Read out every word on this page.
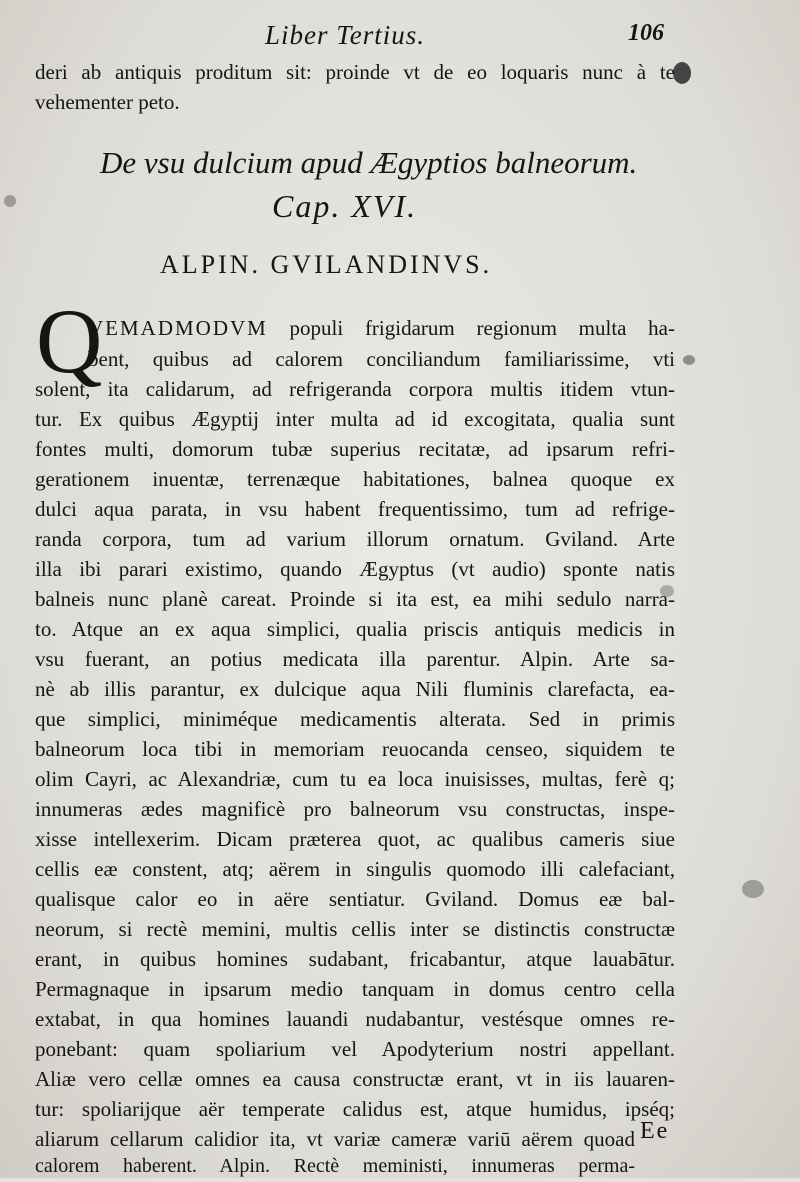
Liber Tertius.	106
deri ab antiquis proditum sit: proinde vt de eo loquaris nunc à te
vehementer peto.
De vsu dulcium apud Ægyptios balneorum.
Cap. XVI.
ALPIN. GVILANDINVS.
Q
VEMADMODVM populi frigidarum regionum multa ha-
bent, quibus ad calorem conciliandum familiarissime, vti
solent, ita calidarum, ad refrigeranda corpora multis itidem vtun-
tur. Ex quibus Ægyptij inter multa ad id excogitata, qualia sunt
fontes multi, domorum tubæ superius recitatæ, ad ipsarum refri-
gerationem inuentæ, terrenæque habitationes, balnea quoque ex
dulci aqua parata, in vsu habent frequentissimo, tum ad refrige-
randa corpora, tum ad varium illorum ornatum. Gviland. Arte
illa ibi parari existimo, quando Ægyptus (vt audio) sponte natis
balneis nunc planè careat. Proinde si ita est, ea mihi sedulo narra-
to. Atque an ex aqua simplici, qualia priscis antiquis medicis in
vsu fuerant, an potius medicata illa parentur. Alpin. Arte sa-
nè ab illis parantur, ex dulcique aqua Nili fluminis clarefacta, ea-
que simplici, miniméque medicamentis alterata. Sed in primis
balneorum loca tibi in memoriam reuocanda censeo, siquidem te
olim Cayri, ac Alexandriæ, cum tu ea loca inuisisses, multas, ferè q;
innumeras ædes magnificè pro balneorum vsu constructas, inspe-
xisse intellexerim. Dicam præterea quot, ac qualibus cameris siue
cellis eæ constent, atq; aërem in singulis quomodo illi calefaciant,
qualisque calor eo in aëre sentiatur. Gviland. Domus eæ bal-
neorum, si rectè memini, multis cellis inter se distinctis constructæ
erant, in quibus homines sudabant, fricabantur, atque lauabātur.
Permagnaque in ipsarum medio tanquam in domus centro cella
extabat, in qua homines lauandi nudabantur, vestésque omnes re-
ponebant: quam spoliarium vel Apodyterium nostri appellant.
Aliæ vero cellæ omnes ea causa constructæ erant, vt in iis lauaren-
tur: spoliarijque aër temperate calidus est, atque humidus, ipséq;
aliarum cellarum calidior ita, vt variæ cameræ variū aërem quoad
calorem haberent. Alpin. Rectè meministi, innumeras perma-
Ee
